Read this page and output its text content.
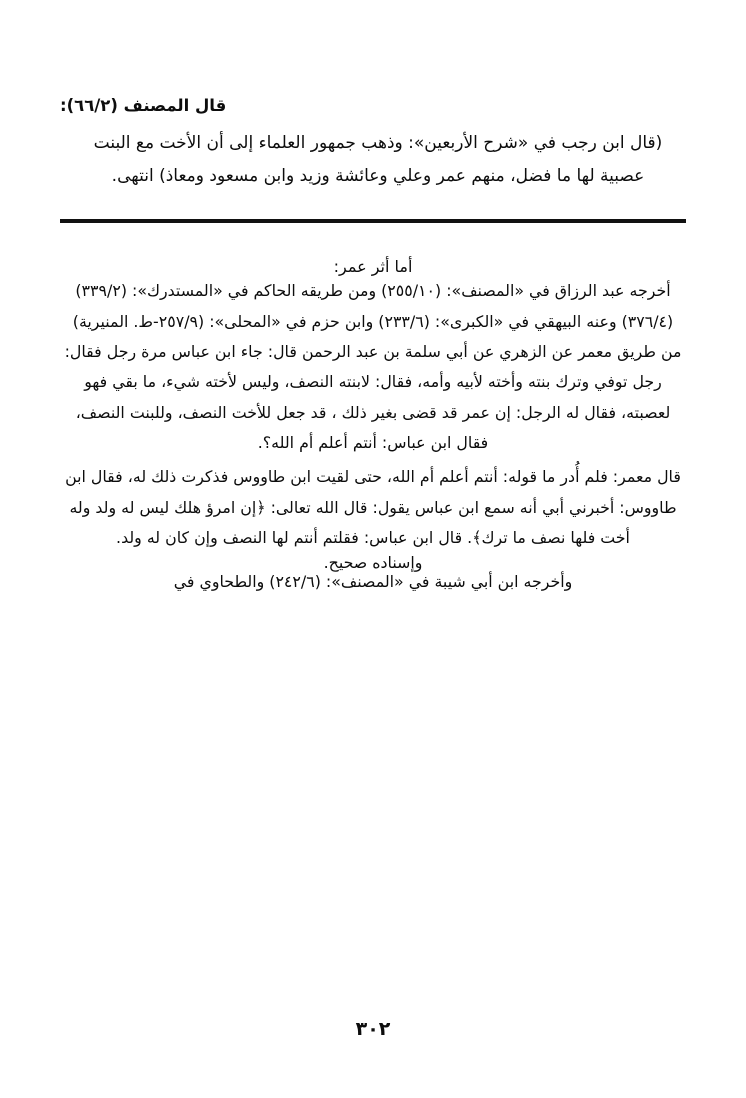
قال المصنف (٦٦/٢):

(قال ابن رجب في «شرح الأربعين»: وذهب جمهور العلماء إلى أن الأخت مع البنت عصبية لها ما فضل، منهم عمر وعلي وعائشة وزيد وابن مسعود ومعاذ) انتهى.

أما أثر عمر:
أخرجه عبد الرزاق في «المصنف»: (٢٥٥/١٠) ومن طريقه الحاكم في «المستدرك»: (٣٣٩/٢) (٣٧٦/٤) وعنه البيهقي في «الكبرى»: (٢٣٣/٦) وابن حزم في «المحلى»: (٢٥٧/٩-ط. المنيرية) من طريق معمر عن الزهري عن أبي سلمة بن عبد الرحمن قال: جاء ابن عباس مرة رجل فقال: رجل توفي وترك بنته وأخته لأبيه وأمه، فقال: لابنته النصف، وليس لأخته شيء، ما بقي فهو لعصبته، فقال له الرجل: إن عمر قد قضى بغير ذلك ، قد جعل للأخت النصف، وللبنت النصف، فقال ابن عباس: أنتم أعلم أم الله؟.
قال معمر: فلم أُدر ما قوله: أنتم أعلم أم الله، حتى لقيت ابن طاووس فذكرت ذلك له، فقال ابن طاووس: أخبرني أبي أنه سمع ابن عباس يقول: قال الله تعالى: ﴿إن امرؤ هلك ليس له ولد وله أخت فلها نصف ما ترك﴾. قال ابن عباس: فقلتم أنتم لها النصف وإن كان له ولد.
وإسناده صحيح.
وأخرجه ابن أبي شيبة في «المصنف»: (٢٤٢/٦) والطحاوي في
٣٠٢
